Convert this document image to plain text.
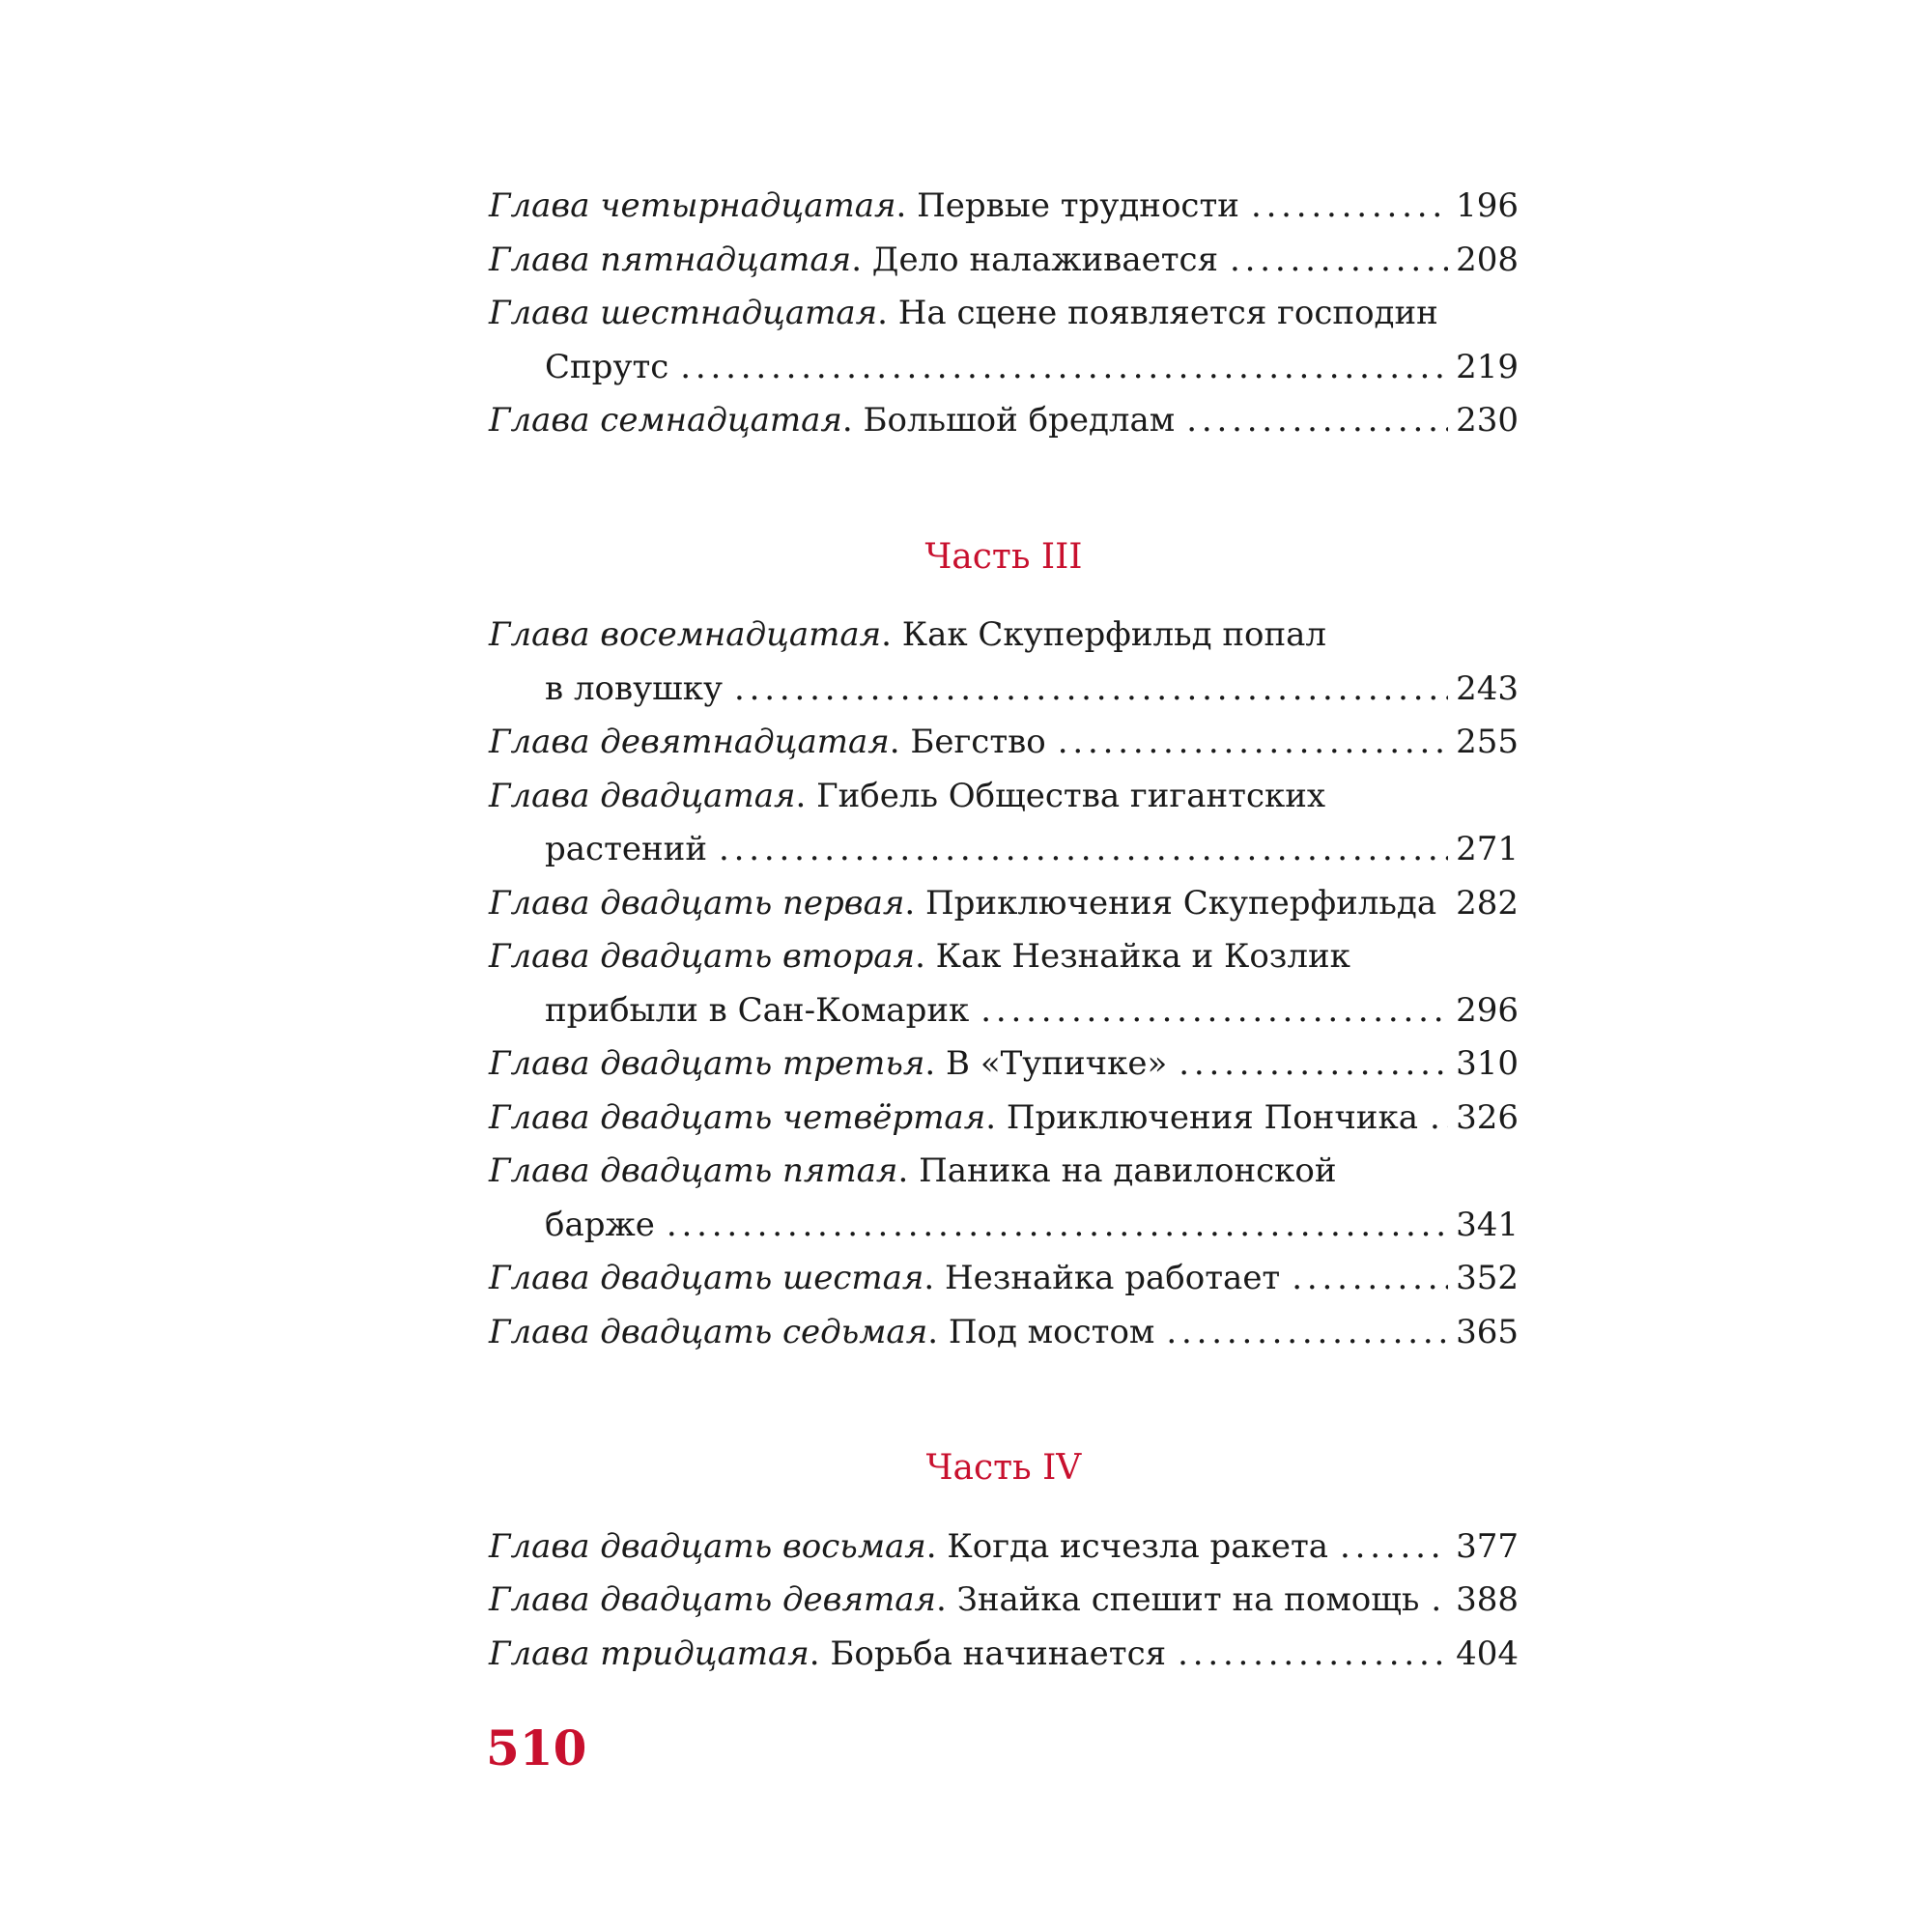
Глава четырнадцатая. Первые трудности . . .	196
Глава пятнадцатая. Дело налаживается . . .	208
Глава шестнадцатая. На сцене появляется господин
Спрутс . . .	219
Глава семнадцатая. Большой бредлам . . .	230
Часть III
Глава восемнадцатая. Как Скуперфильд попал
в ловушку . . .	243
Глава девятнадцатая. Бегство . . .	255
Глава двадцатая. Гибель Общества гигантских
растений . . .	271
Глава двадцать первая. Приключения Скуперфильда 282
Глава двадцать вторая. Как Незнайка и Козлик
прибыли в Сан-Комарик . . .	296
Глава двадцать третья. В «Тупичке» . . .	310
Глава двадцать четвёртая. Приключения Пончика . . . 326
Глава двадцать пятая. Паника на давилонской
барже . . .	341
Глава двадцать шестая. Незнайка работает . . .	352
Глава двадцать седьмая. Под мостом . . .	365
Часть IV
Глава двадцать восьмая. Когда исчезла ракета . . .	377
Глава двадцать девятая. Знайка спешит на помощь . . . 388
Глава тридцатая. Борьба начинается . . .	404
510
